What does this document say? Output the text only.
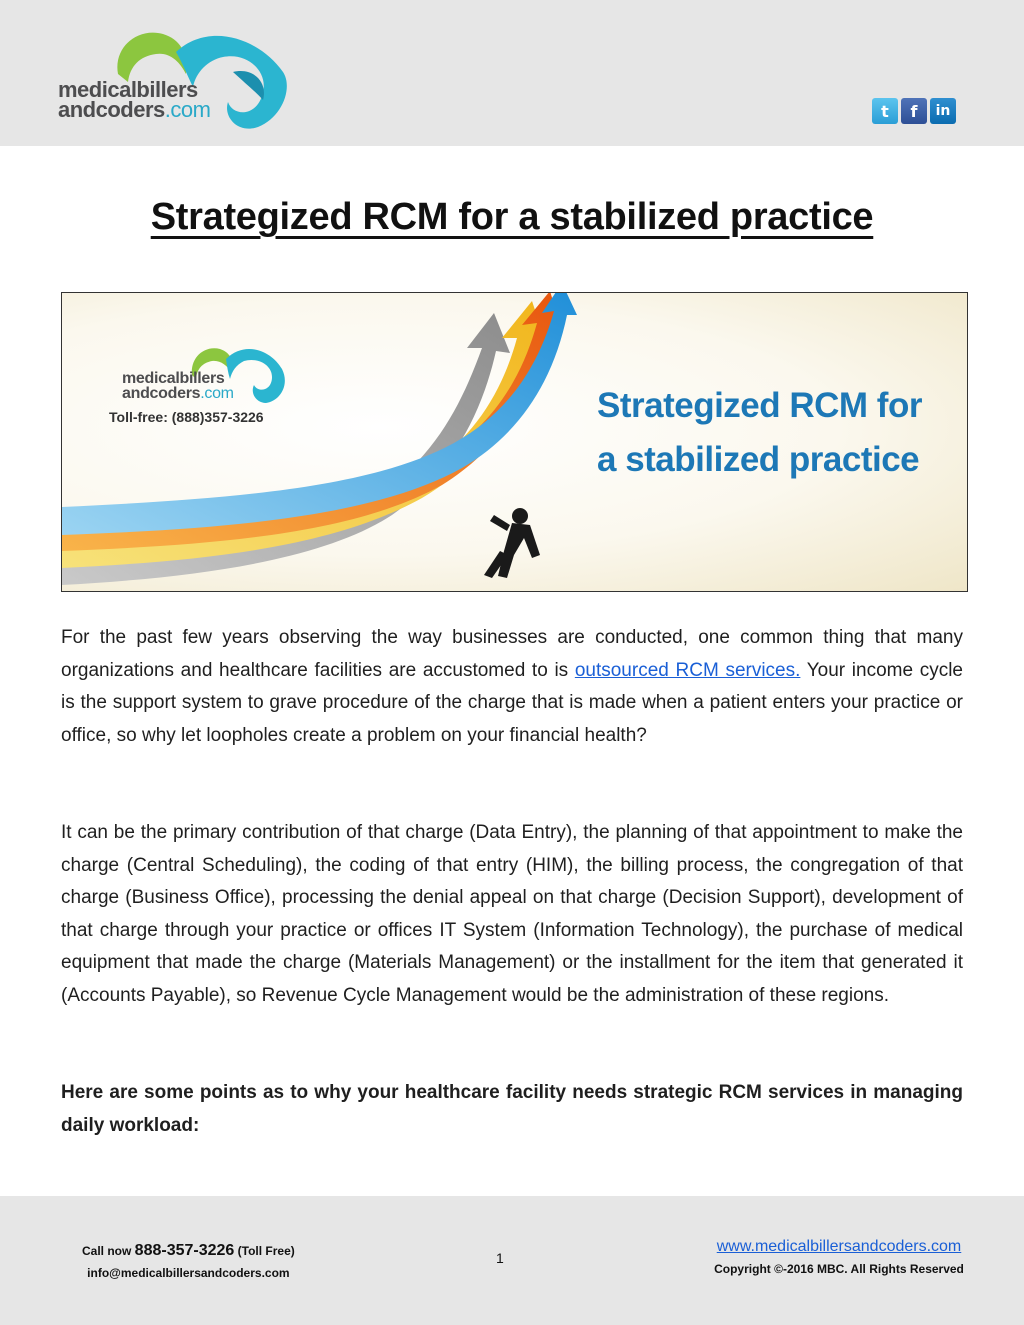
medicalbillers
andcoders.com	t	f	in
Strategized RCM for a stabilized practice
medicalbillers
andcoders.com
Toll-free: (888)357-3226	Strategized RCM for
a stabilized practice

For the past few years observing the way businesses are conducted, one common thing that many organizations and healthcare facilities are accustomed to is outsourced RCM services. Your income cycle is the support system to grave procedure of the charge that is made when a patient enters your practice or office, so why let loopholes create a problem on your financial health?

It can be the primary contribution of that charge (Data Entry), the planning of that appointment to make the charge (Central Scheduling), the coding of that entry (HIM), the billing process, the congregation of that charge (Business Office), processing the denial appeal on that charge (Decision Support), development of that charge through your practice or offices IT System (Information Technology), the purchase of medical equipment that made the charge (Materials Management) or the installment for the item that generated it (Accounts Payable), so Revenue Cycle Management would be the administration of these regions.

Here are some points as to why your healthcare facility needs strategic RCM services in managing daily workload:

Call now 888-357-3226 (Toll Free)
info@medicalbillersandcoders.com
1
www.medicalbillersandcoders.com
Copyright ©-2016 MBC. All Rights Reserved
